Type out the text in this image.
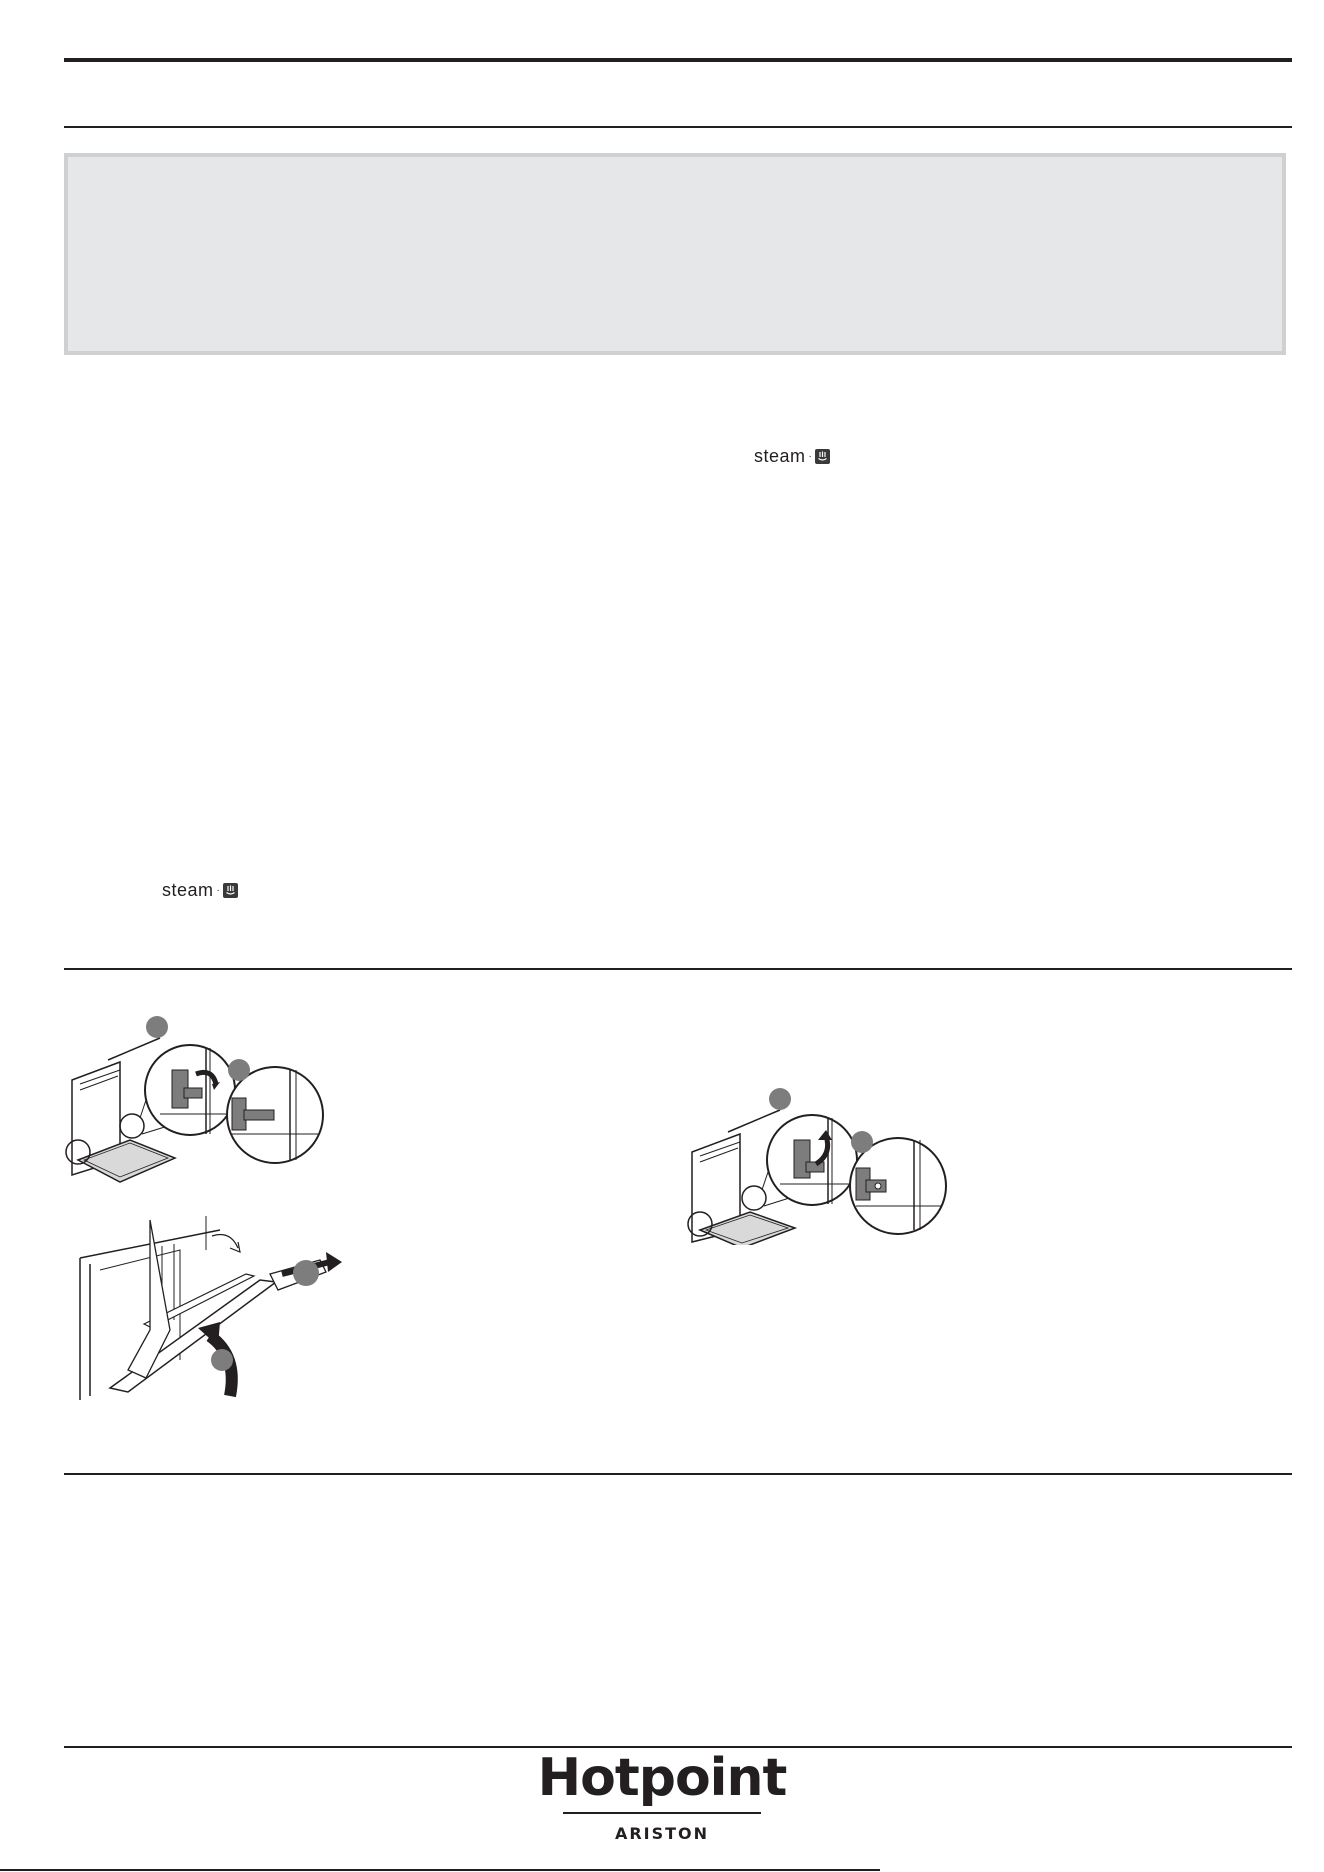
steam ·
steam ·
Hotpoint
ARISTON
